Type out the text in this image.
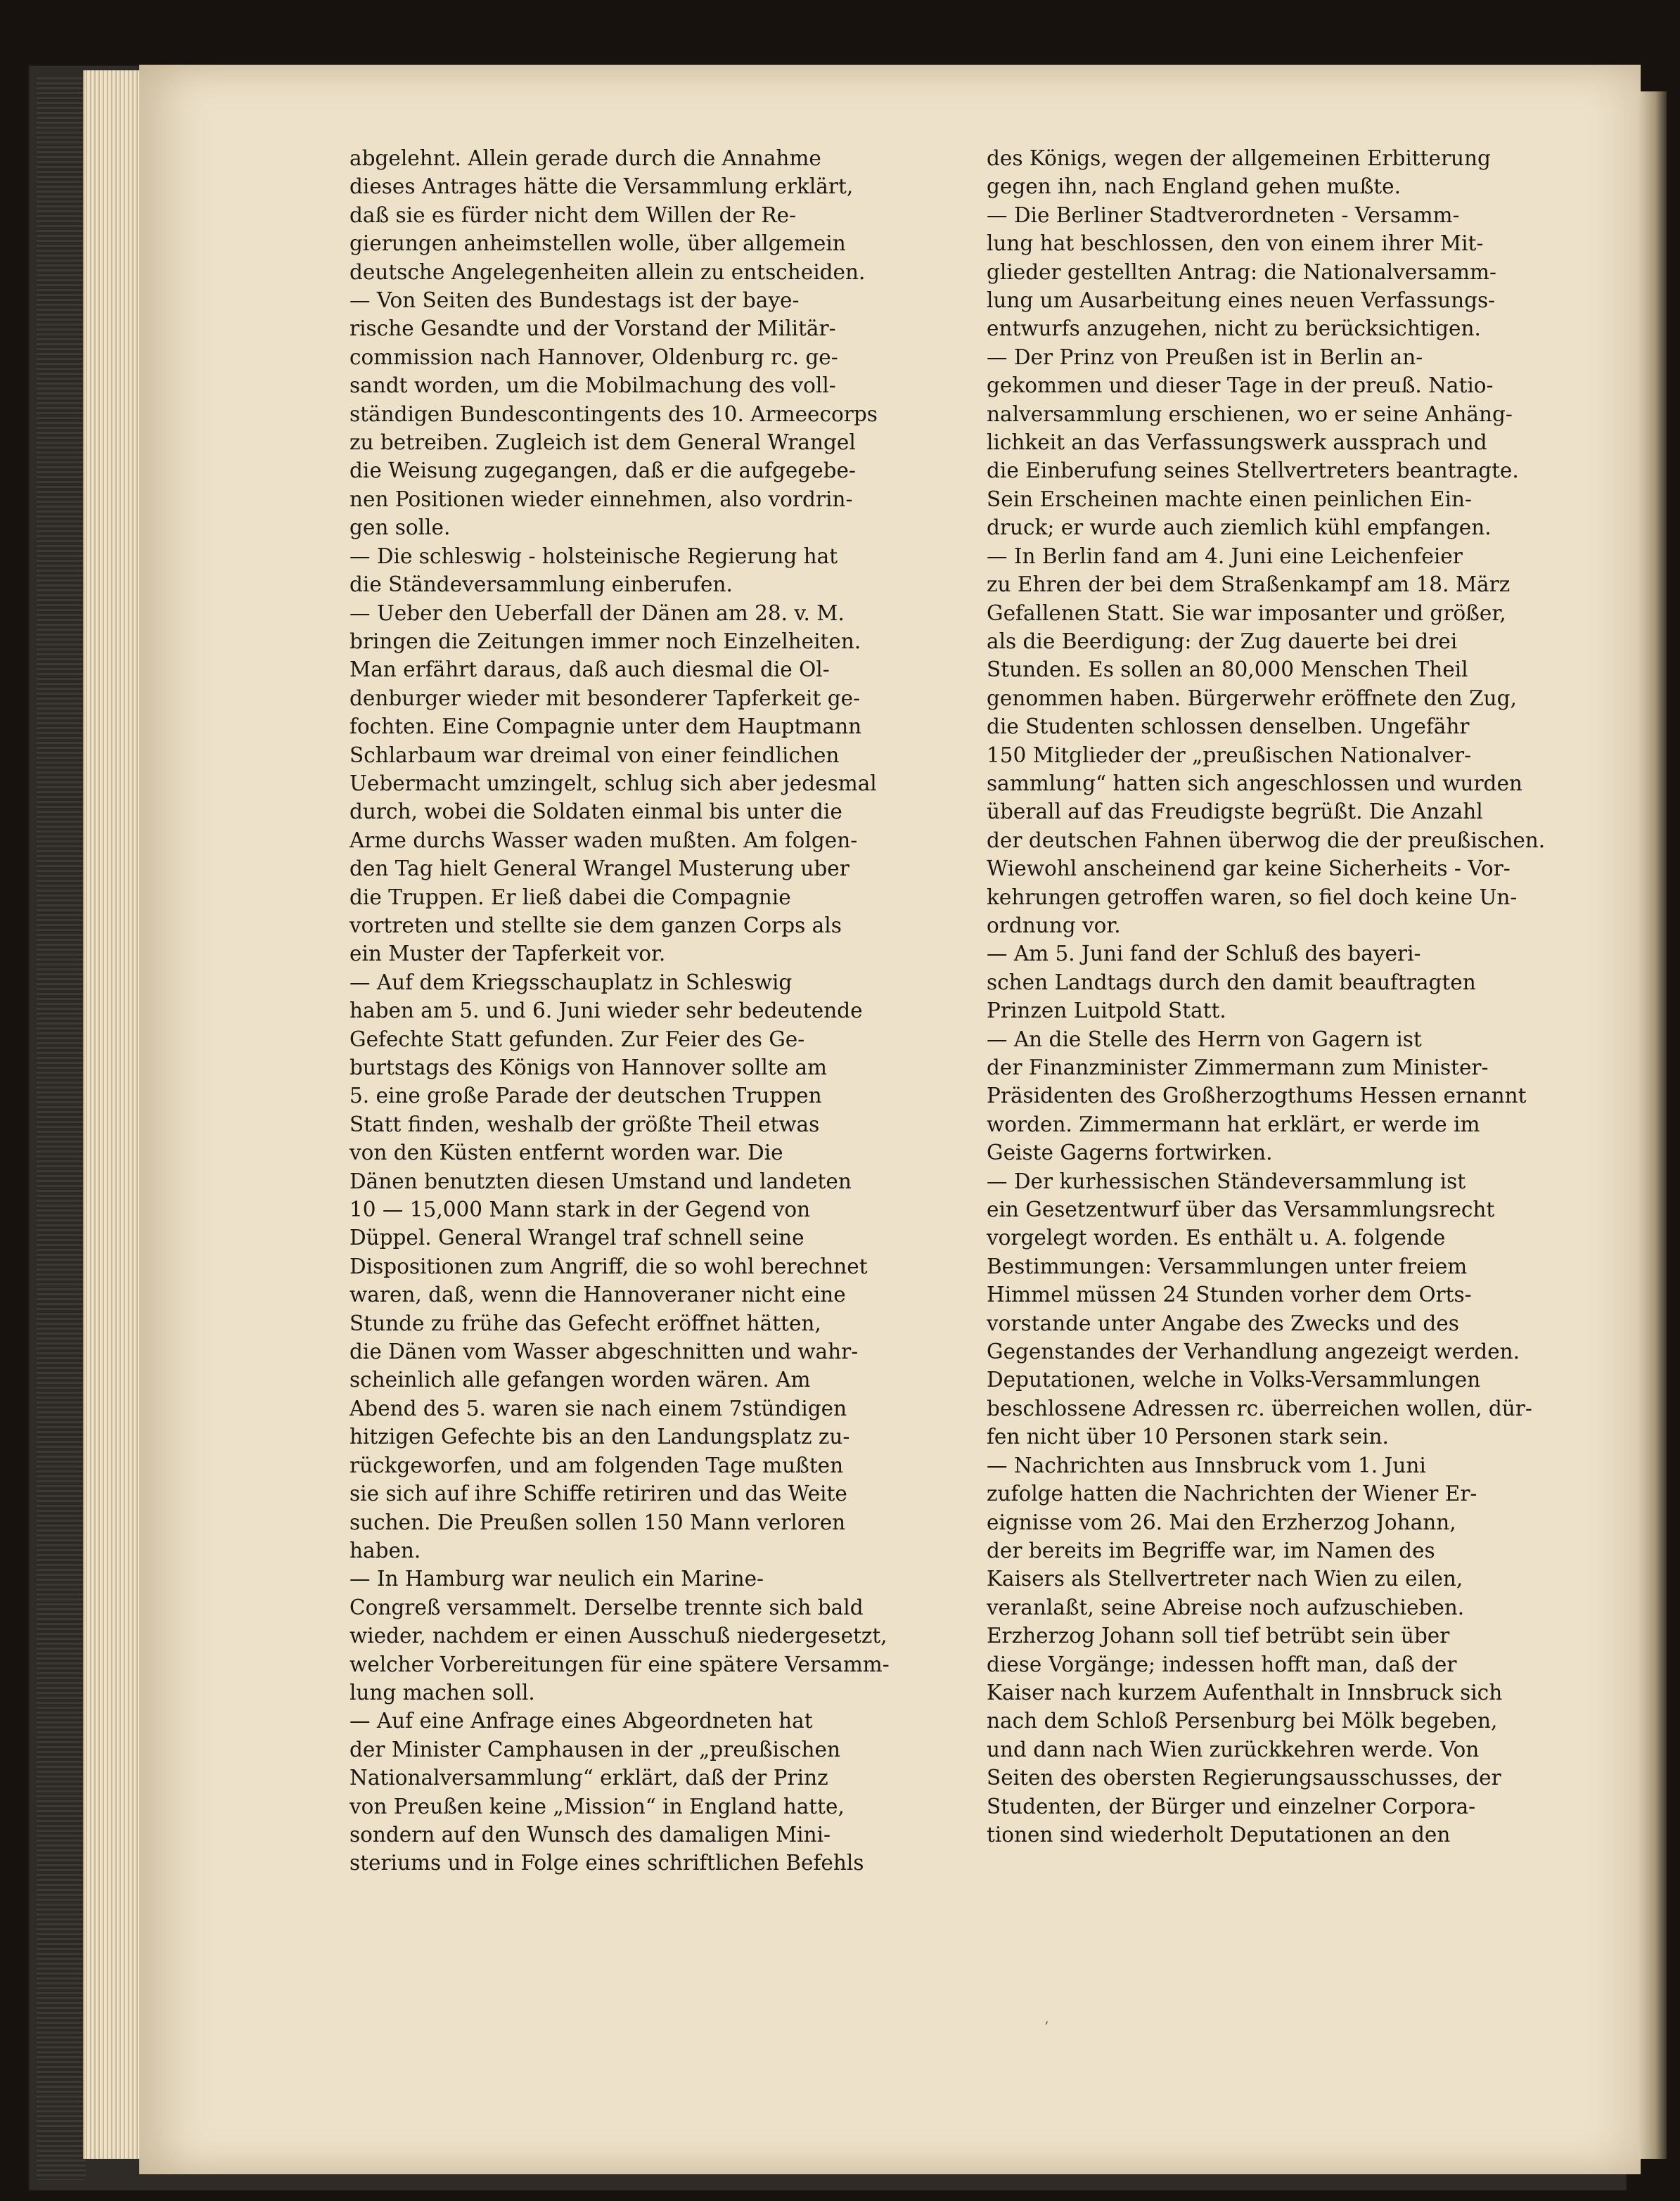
abgelehnt. Allein gerade durch die Annahme
dieses Antrages hätte die Versammlung erklärt,
daß sie es fürder nicht dem Willen der Re-
gierungen anheimstellen wolle, über allgemein
deutsche Angelegenheiten allein zu entscheiden.
— Von Seiten des Bundestags ist der baye-
rische Gesandte und der Vorstand der Militär-
commission nach Hannover, Oldenburg rc. ge-
sandt worden, um die Mobilmachung des voll-
ständigen Bundescontingents des 10. Armeecorps
zu betreiben. Zugleich ist dem General Wrangel
die Weisung zugegangen, daß er die aufgegebe-
nen Positionen wieder einnehmen, also vordrin-
gen solle.
— Die schleswig - holsteinische Regierung hat
die Ständeversammlung einberufen.
— Ueber den Ueberfall der Dänen am 28. v. M.
bringen die Zeitungen immer noch Einzelheiten.
Man erfährt daraus, daß auch diesmal die Ol-
denburger wieder mit besonderer Tapferkeit ge-
fochten. Eine Compagnie unter dem Hauptmann
Schlarbaum war dreimal von einer feindlichen
Uebermacht umzingelt, schlug sich aber jedesmal
durch, wobei die Soldaten einmal bis unter die
Arme durchs Wasser waden mußten. Am folgen-
den Tag hielt General Wrangel Musterung uber
die Truppen. Er ließ dabei die Compagnie
vortreten und stellte sie dem ganzen Corps als
ein Muster der Tapferkeit vor.
— Auf dem Kriegsschauplatz in Schleswig
haben am 5. und 6. Juni wieder sehr bedeutende
Gefechte Statt gefunden. Zur Feier des Ge-
burtstags des Königs von Hannover sollte am
5. eine große Parade der deutschen Truppen
Statt finden, weshalb der größte Theil etwas
von den Küsten entfernt worden war. Die
Dänen benutzten diesen Umstand und landeten
10 — 15,000 Mann stark in der Gegend von
Düppel. General Wrangel traf schnell seine
Dispositionen zum Angriff, die so wohl berechnet
waren, daß, wenn die Hannoveraner nicht eine
Stunde zu frühe das Gefecht eröffnet hätten,
die Dänen vom Wasser abgeschnitten und wahr-
scheinlich alle gefangen worden wären. Am
Abend des 5. waren sie nach einem 7stündigen
hitzigen Gefechte bis an den Landungsplatz zu-
rückgeworfen, und am folgenden Tage mußten
sie sich auf ihre Schiffe retiriren und das Weite
suchen. Die Preußen sollen 150 Mann verloren
haben.
— In Hamburg war neulich ein Marine-
Congreß versammelt. Derselbe trennte sich bald
wieder, nachdem er einen Ausschuß niedergesetzt,
welcher Vorbereitungen für eine spätere Versamm-
lung machen soll.
— Auf eine Anfrage eines Abgeordneten hat
der Minister Camphausen in der „preußischen
Nationalversammlung“ erklärt, daß der Prinz
von Preußen keine „Mission“ in England hatte,
sondern auf den Wunsch des damaligen Mini-
steriums und in Folge eines schriftlichen Befehls
des Königs, wegen der allgemeinen Erbitterung
gegen ihn, nach England gehen mußte.
— Die Berliner Stadtverordneten - Versamm-
lung hat beschlossen, den von einem ihrer Mit-
glieder gestellten Antrag: die Nationalversamm-
lung um Ausarbeitung eines neuen Verfassungs-
entwurfs anzugehen, nicht zu berücksichtigen.
— Der Prinz von Preußen ist in Berlin an-
gekommen und dieser Tage in der preuß. Natio-
nalversammlung erschienen, wo er seine Anhäng-
lichkeit an das Verfassungswerk aussprach und
die Einberufung seines Stellvertreters beantragte.
Sein Erscheinen machte einen peinlichen Ein-
druck; er wurde auch ziemlich kühl empfangen.
— In Berlin fand am 4. Juni eine Leichenfeier
zu Ehren der bei dem Straßenkampf am 18. März
Gefallenen Statt. Sie war imposanter und größer,
als die Beerdigung: der Zug dauerte bei drei
Stunden. Es sollen an 80,000 Menschen Theil
genommen haben. Bürgerwehr eröffnete den Zug,
die Studenten schlossen denselben. Ungefähr
150 Mitglieder der „preußischen Nationalver-
sammlung“ hatten sich angeschlossen und wurden
überall auf das Freudigste begrüßt. Die Anzahl
der deutschen Fahnen überwog die der preußischen.
Wiewohl anscheinend gar keine Sicherheits - Vor-
kehrungen getroffen waren, so fiel doch keine Un-
ordnung vor.
— Am 5. Juni fand der Schluß des bayeri-
schen Landtags durch den damit beauftragten
Prinzen Luitpold Statt.
— An die Stelle des Herrn von Gagern ist
der Finanzminister Zimmermann zum Minister-
Präsidenten des Großherzogthums Hessen ernannt
worden. Zimmermann hat erklärt, er werde im
Geiste Gagerns fortwirken.
— Der kurhessischen Ständeversammlung ist
ein Gesetzentwurf über das Versammlungsrecht
vorgelegt worden. Es enthält u. A. folgende
Bestimmungen: Versammlungen unter freiem
Himmel müssen 24 Stunden vorher dem Orts-
vorstande unter Angabe des Zwecks und des
Gegenstandes der Verhandlung angezeigt werden.
Deputationen, welche in Volks-Versammlungen
beschlossene Adressen rc. überreichen wollen, dür-
fen nicht über 10 Personen stark sein.
— Nachrichten aus Innsbruck vom 1. Juni
zufolge hatten die Nachrichten der Wiener Er-
eignisse vom 26. Mai den Erzherzog Johann,
der bereits im Begriffe war, im Namen des
Kaisers als Stellvertreter nach Wien zu eilen,
veranlaßt, seine Abreise noch aufzuschieben.
Erzherzog Johann soll tief betrübt sein über
diese Vorgänge; indessen hofft man, daß der
Kaiser nach kurzem Aufenthalt in Innsbruck sich
nach dem Schloß Persenburg bei Mölk begeben,
und dann nach Wien zurückkehren werde. Von
Seiten des obersten Regierungsausschusses, der
Studenten, der Bürger und einzelner Corpora-
tionen sind wiederholt Deputationen an den
’
